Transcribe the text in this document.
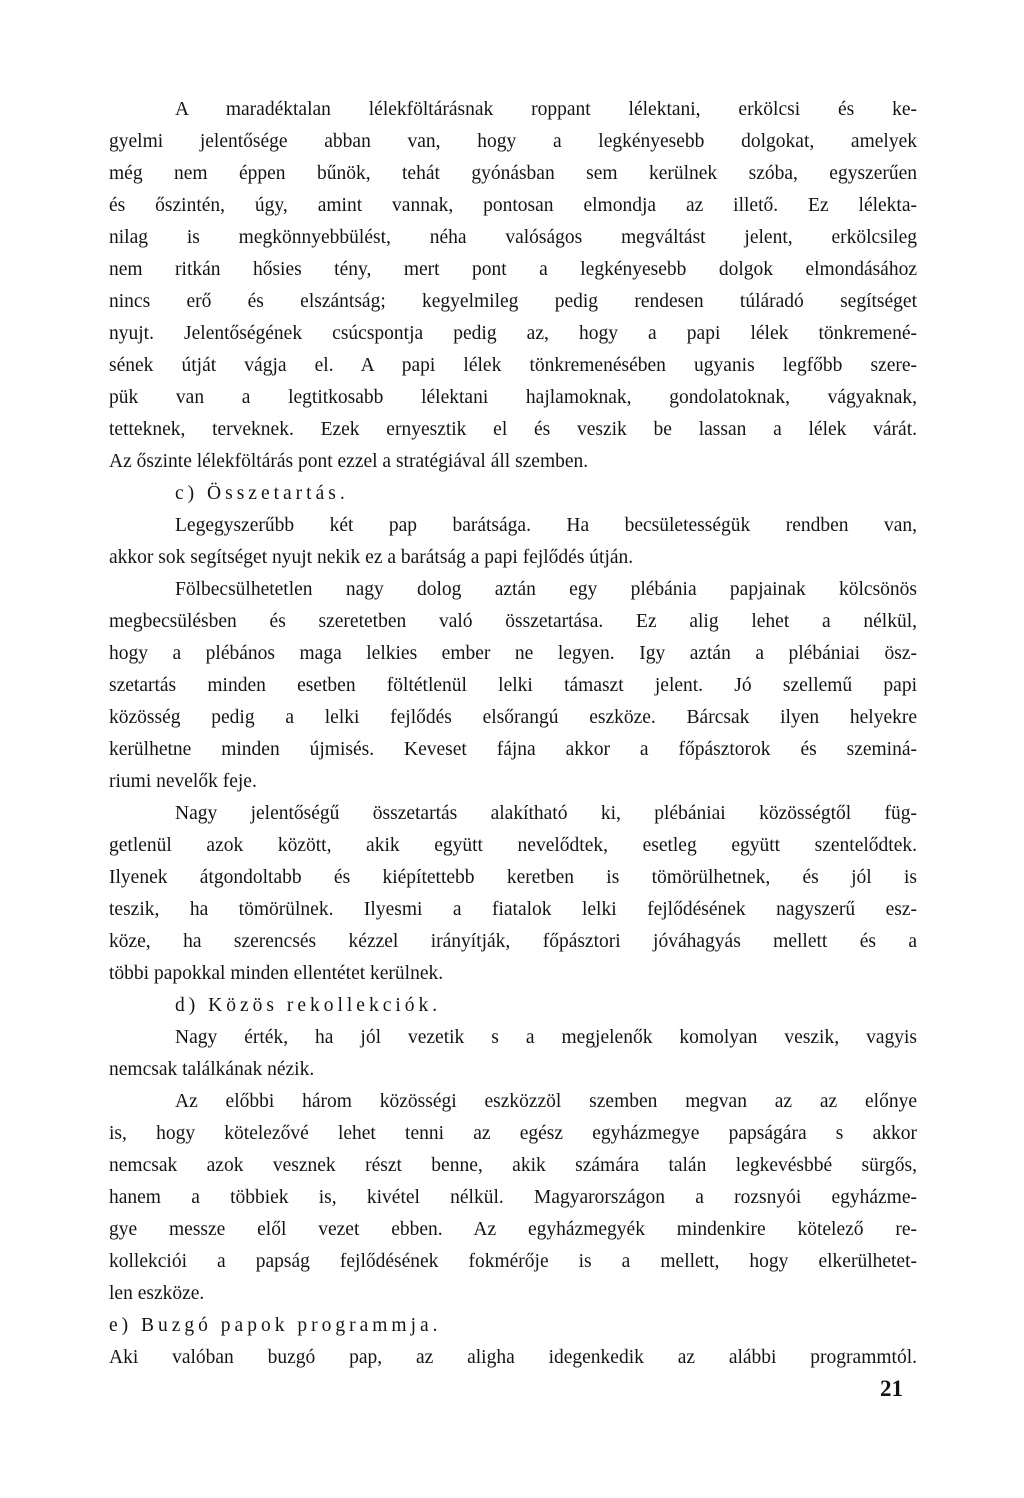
A maradéktalan lélekföltárásnak roppant lélektani, erkölcsi és ke-
gyelmi jelentősége abban van, hogy a legkényesebb dolgokat, amelyek
még nem éppen bűnök, tehát gyónásban sem kerülnek szóba, egyszerűen
és őszintén, úgy, amint vannak, pontosan elmondja az illető. Ez lélekta-
nilag is megkönnyebbülést, néha valóságos megváltást jelent, erkölcsileg
nem ritkán hősies tény, mert pont a legkényesebb dolgok elmondásához
nincs erő és elszántság; kegyelmileg pedig rendesen túláradó segítséget
nyujt. Jelentőségének csúcspontja pedig az, hogy a papi lélek tönkremené-
sének útját vágja el. A papi lélek tönkremenésében ugyanis legfőbb szere-
pük van a legtitkosabb lélektani hajlamoknak, gondolatoknak, vágyaknak,
tetteknek, terveknek. Ezek ernyesztik el és veszik be lassan a lélek várát.
Az őszinte lélekföltárás pont ezzel a stratégiával áll szemben.
c) Összetartás.
Legegyszerűbb két pap barátsága. Ha becsületességük rendben van,
akkor sok segítséget nyujt nekik ez a barátság a papi fejlődés útján.
Fölbecsülhetetlen nagy dolog aztán egy plébánia papjainak kölcsönös
megbecsülésben és szeretetben való összetartása. Ez alig lehet a nélkül,
hogy a plébános maga lelkies ember ne legyen. Igy aztán a plébániai ösz-
szetartás minden esetben föltétlenül lelki támaszt jelent. Jó szellemű papi
közösség pedig a lelki fejlődés elsőrangú eszköze. Bárcsak ilyen helyekre
kerülhetne minden újmisés. Keveset fájna akkor a főpásztorok és szeminá-
riumi nevelők feje.
Nagy jelentőségű összetartás alakítható ki, plébániai közösségtől füg-
getlenül azok között, akik együtt nevelődtek, esetleg együtt szentelődtek.
Ilyenek átgondoltabb és kiépítettebb keretben is tömörülhetnek, és jól is
teszik, ha tömörülnek. Ilyesmi a fiatalok lelki fejlődésének nagyszerű esz-
köze, ha szerencsés kézzel irányítják, főpásztori jóváhagyás mellett és a
többi papokkal minden ellentétet kerülnek.
d) Közös rekollekciók.
Nagy érték, ha jól vezetik s a megjelenők komolyan veszik, vagyis
nemcsak találkának nézik.
Az előbbi három közösségi eszközzöl szemben megvan az az előnye
is, hogy kötelezővé lehet tenni az egész egyházmegye papságára s akkor
nemcsak azok vesznek részt benne, akik számára talán legkevésbbé sürgős,
hanem a többiek is, kivétel nélkül. Magyarországon a rozsnyói egyházme-
gye messze elől vezet ebben. Az egyházmegyék mindenkire kötelező re-
kollekciói a papság fejlődésének fokmérője is a mellett, hogy elkerülhetet-
len eszköze.
e) Buzgó papok programmja.
Aki valóban buzgó pap, az aligha idegenkedik az alábbi programmtól.
21
